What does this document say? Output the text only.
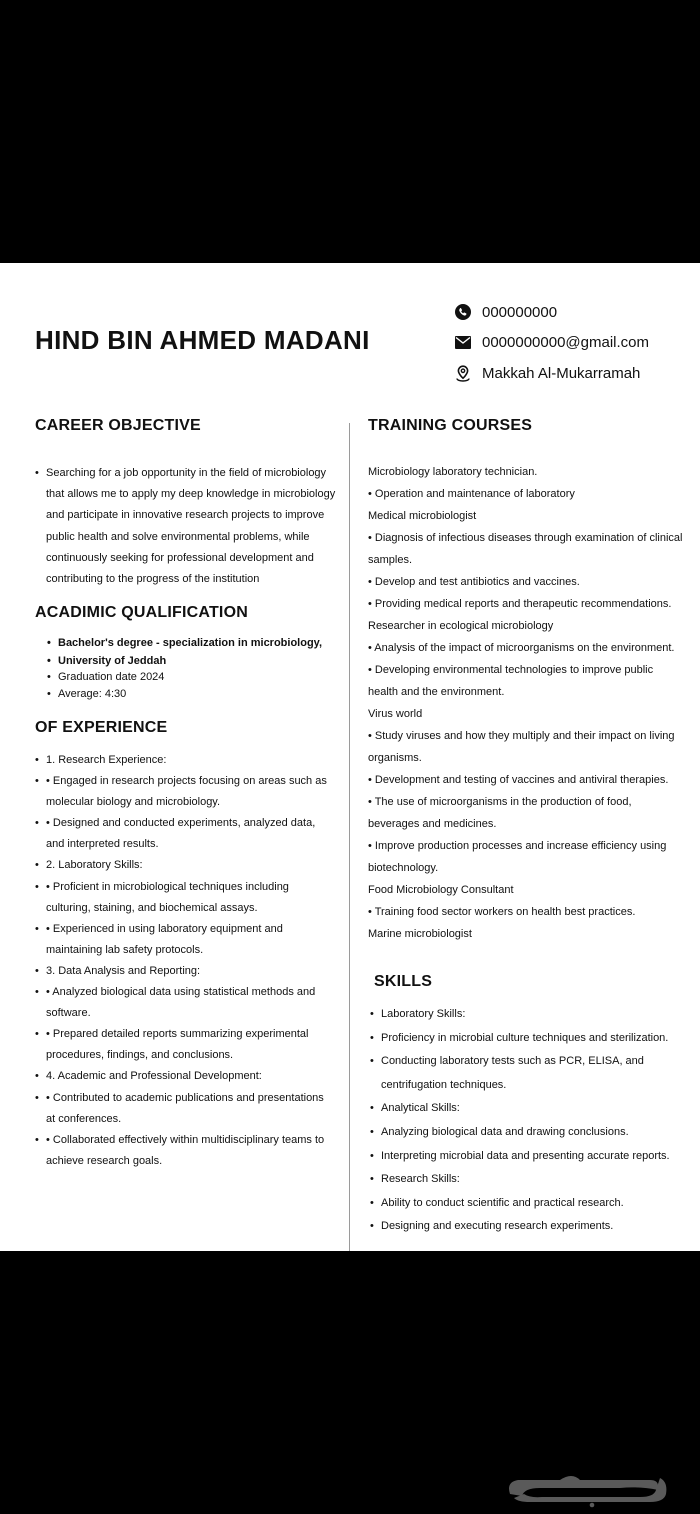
HIND BIN AHMED MADANI
000000000
0000000000@gmail.com
Makkah Al-Mukarramah
CAREER OBJECTIVE
• Searching for a job opportunity in the field of microbiology that allows me to apply my deep knowledge in microbiology and participate in innovative research projects to improve public health and solve environmental problems, while continuously seeking for professional development and contributing to the progress of the institution
ACADIMIC QUALIFICATION
• Bachelor's degree - specialization in microbiology,
• University of Jeddah
• Graduation date 2024
• Average: 4:30
OF EXPERIENCE
• 1. Research Experience:
• • Engaged in research projects focusing on areas such as molecular biology and microbiology.
• • Designed and conducted experiments, analyzed data, and interpreted results.
• 2. Laboratory Skills:
• • Proficient in microbiological techniques including culturing, staining, and biochemical assays.
• • Experienced in using laboratory equipment and maintaining lab safety protocols.
• 3. Data Analysis and Reporting:
• • Analyzed biological data using statistical methods and software.
• • Prepared detailed reports summarizing experimental procedures, findings, and conclusions.
• 4. Academic and Professional Development:
• • Contributed to academic publications and presentations at conferences.
• • Collaborated effectively within multidisciplinary teams to achieve research goals.
TRAINING COURSES
Microbiology laboratory technician.
• Operation and maintenance of laboratory
Medical microbiologist
• Diagnosis of infectious diseases through examination of clinical samples.
• Develop and test antibiotics and vaccines.
• Providing medical reports and therapeutic recommendations.
Researcher in ecological microbiology
• Analysis of the impact of microorganisms on the environment.
• Developing environmental technologies to improve public health and the environment.
Virus world
• Study viruses and how they multiply and their impact on living organisms.
• Development and testing of vaccines and antiviral therapies.
• The use of microorganisms in the production of food, beverages and medicines.
• Improve production processes and increase efficiency using biotechnology.
Food Microbiology Consultant
• Training food sector workers on health best practices.
Marine microbiologist
SKILLS
• Laboratory Skills:
• Proficiency in microbial culture techniques and sterilization.
• Conducting laboratory tests such as PCR, ELISA, and centrifugation techniques.
• Analytical Skills:
• Analyzing biological data and drawing conclusions.
• Interpreting microbial data and presenting accurate reports.
• Research Skills:
• Ability to conduct scientific and practical research.
• Designing and executing research experiments.
